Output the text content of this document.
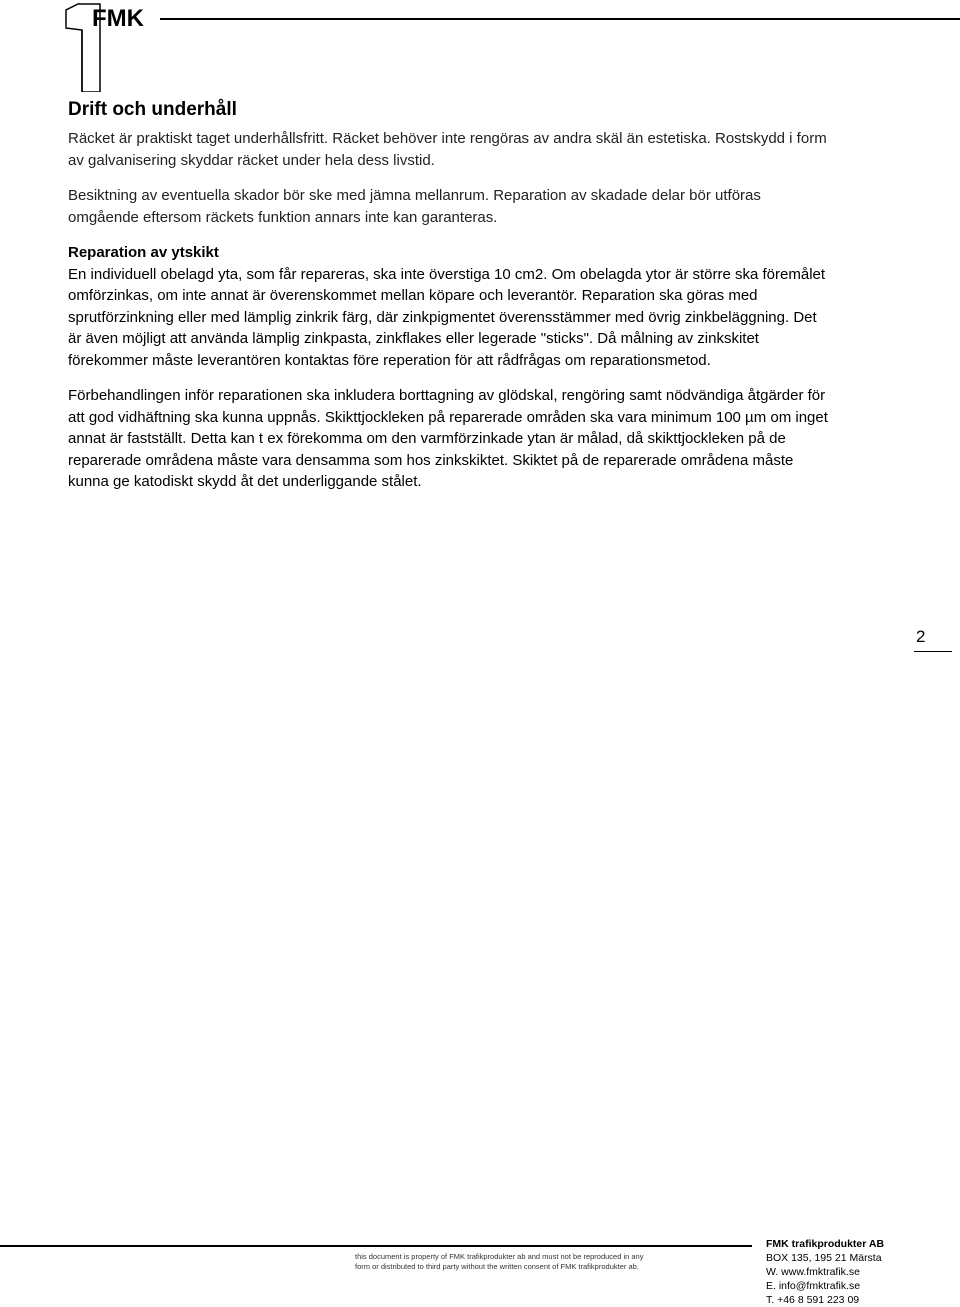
FMK
Drift och underhåll

Räcket är praktiskt taget underhållsfritt. Räcket behöver inte rengöras av andra skäl än estetiska. Rostskydd i form
av galvanisering skyddar räcket under hela dess livstid.

Besiktning av eventuella skador bör ske med jämna mellanrum. Reparation av skadade delar bör utföras
omgående eftersom räckets funktion annars inte kan garanteras.

Reparation av ytskikt

En individuell obelagd yta, som får repareras, ska inte överstiga 10 cm2. Om obelagda ytor är större ska föremålet
omförzinkas, om inte annat är överenskommet mellan köpare och leverantör. Reparation ska göras med
sprutförzinkning eller med lämplig zinkrik färg, där zinkpigmentet överensstämmer med övrig zinkbeläggning. Det
är även möjligt att använda lämplig zinkpasta, zinkflakes eller legerade "sticks". Då målning av zinkskitet
förekommer måste leverantören kontaktas före reperation för att rådfrågas om reparationsmetod.

Förbehandlingen inför reparationen ska inkludera borttagning av glödskal, rengöring samt nödvändiga åtgärder för
att god vidhäftning ska kunna uppnås. Skikttjockleken på reparerade områden ska vara minimum 100 µm om inget
annat är fastställt. Detta kan t ex förekomma om den varmförzinkade ytan är målad, då skikttjockleken på de
reparerade områdena måste vara densamma som hos zinkskiktet. Skiktet på de reparerade områdena måste
kunna ge katodiskt skydd åt det underliggande stålet.

2
this document is property of FMK trafikprodukter ab and must not be reproduced in any
form or distributed to third party without the written consent of FMK trafikprodukter ab.
FMK trafikprodukter AB
BOX 135, 195 21 Märsta
W. www.fmktrafik.se
E. info@fmktrafik.se
T. +46 8 591 223 09
